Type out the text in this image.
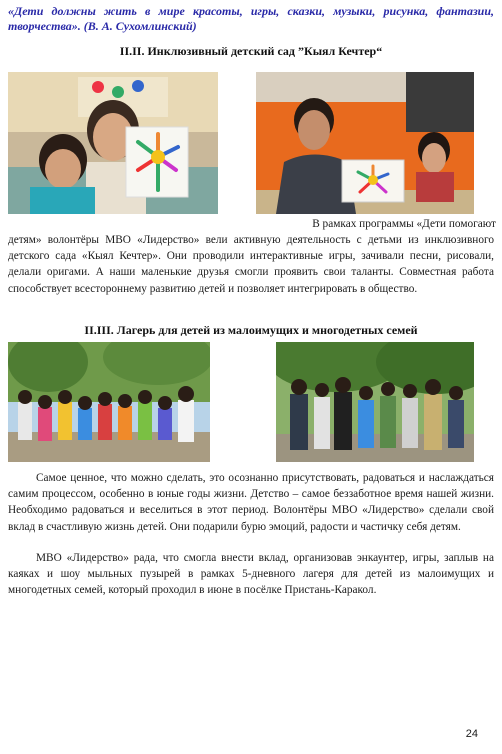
«Дети должны жить в мире красоты, игры, сказки, музыки, рисунка, фантазии, творчества». (В. А. Сухомлинский)
II.II. Инклюзивный детский сад ”Кыял Кечтер“
В рамках программы «Дети помогают
детям» волонтёры МВО «Лидерство» вели активную деятельность с детьми из инклюзивного детского сада «Кыял Кечтер». Они проводили интерактивные игры, зачивали песни, рисовали, делали оригами. А наши маленькие друзья смогли проявить свои таланты. Совместная работа способствует всестороннему развитию детей и позволяет интегрировать в общество.
II.III. Лагерь для детей из малоимущих и многодетных семей
Самое ценное, что можно сделать, это осознанно присутствовать, радоваться и наслаждаться самим процессом, особенно в юные годы жизни. Детство – самое беззаботное время нашей жизни. Необходимо радоваться и веселиться в этот период. Волонтёры МВО «Лидерство» сделали свой вклад в счастливую жизнь детей. Они подарили бурю эмоций, радости и частичку себя детям.
МВО «Лидерство» рада, что смогла внести вклад, организовав энкаунтер, игры, заплыв на каяках и шоу мыльных пузырей в рамках 5-дневного лагеря для детей из малоимущих и многодетных семей, который проходил в июне в посёлке Пристань-Каракол.
24
